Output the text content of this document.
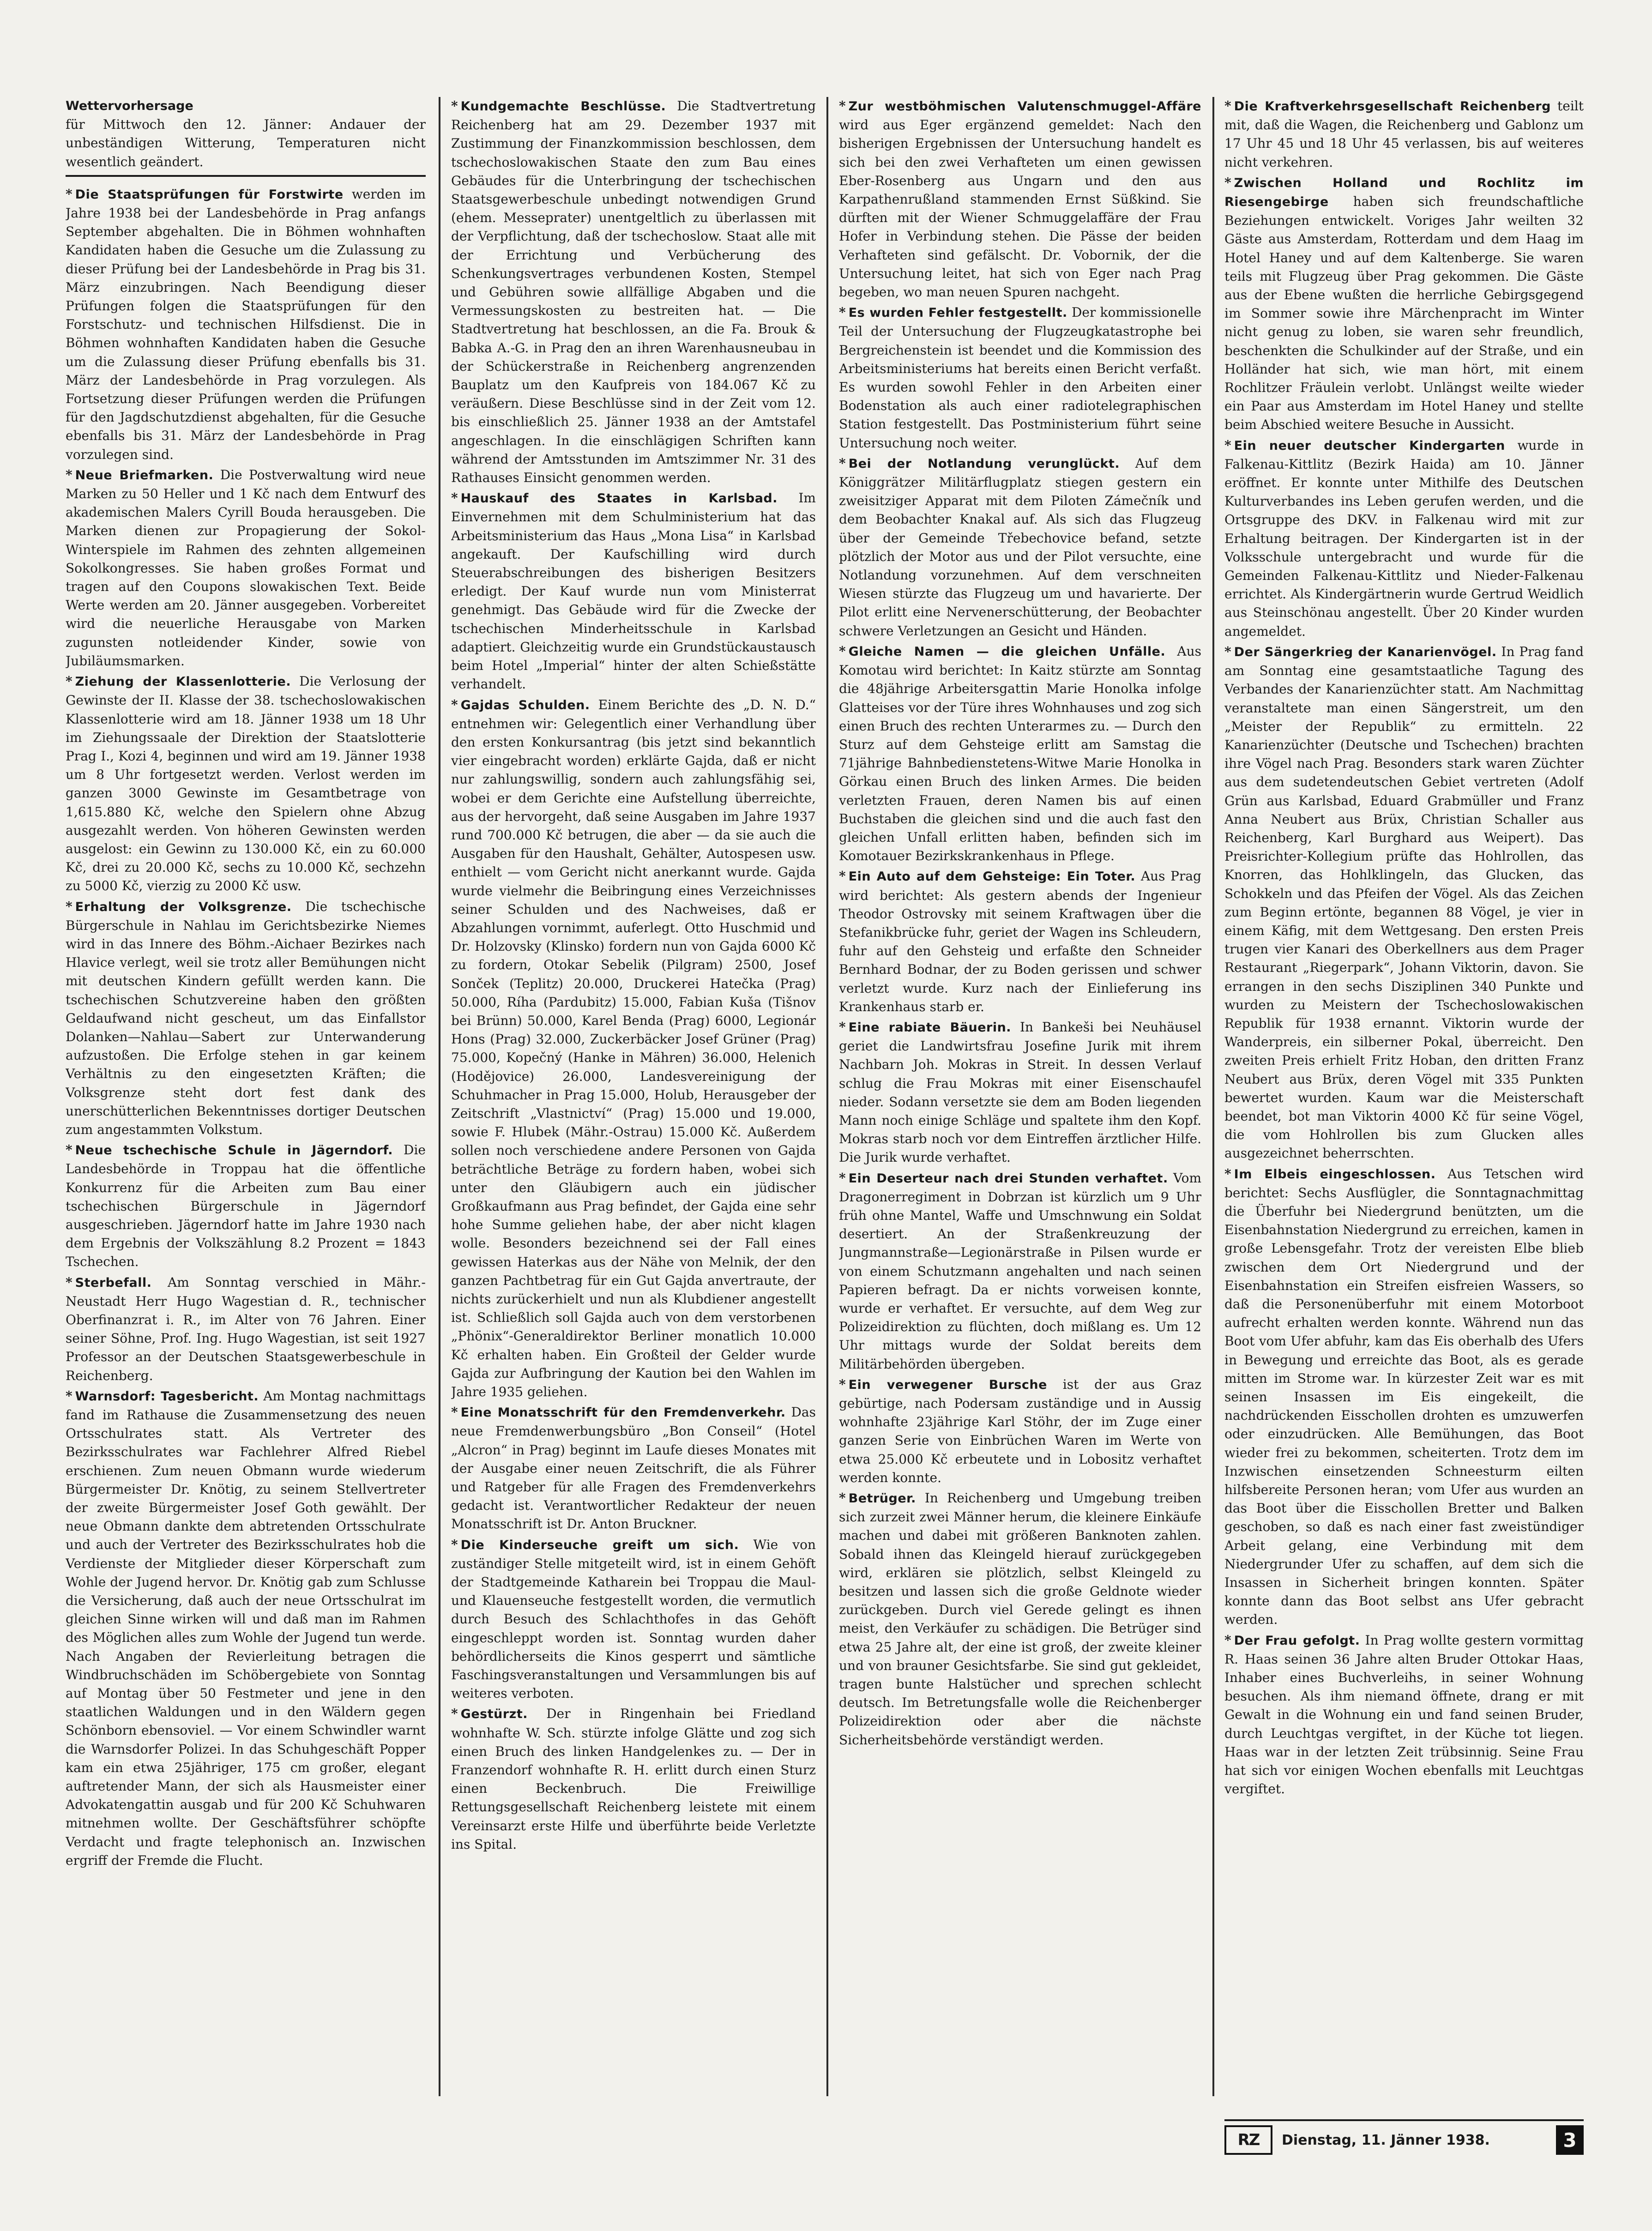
Wettervorhersage
für Mittwoch den 12. Jänner: Andauer der unbeständigen Witterung, Temperaturen nicht wesentlich geändert.

* Die Staatsprüfungen für Forstwirte werden im Jahre 1938 bei der Landesbehörde in Prag anfangs September abgehalten. Die in Böhmen wohnhaften Kandidaten haben die Gesuche um die Zulassung zu dieser Prüfung bei der Landesbehörde in Prag bis 31. März einzubringen. Nach Beendigung dieser Prüfungen folgen die Staatsprüfungen für den Forstschutz- und technischen Hilfsdienst. Die in Böhmen wohnhaften Kandidaten haben die Gesuche um die Zulassung dieser Prüfung ebenfalls bis 31. März der Landesbehörde in Prag vorzulegen. Als Fortsetzung dieser Prüfungen werden die Prüfungen für den Jagdschutzdienst abgehalten, für die Gesuche ebenfalls bis 31. März der Landesbehörde in Prag vorzulegen sind.

* Neue Briefmarken. Die Postverwaltung wird neue Marken zu 50 Heller und 1 Kč nach dem Entwurf des akademischen Malers Cyrill Bouda herausgeben. Die Marken dienen zur Propagierung der Sokol-Winterspiele im Rahmen des zehnten allgemeinen Sokolkongresses. Sie haben großes Format und tragen auf den Coupons slowakischen Text. Beide Werte werden am 20. Jänner ausgegeben. Vorbereitet wird die neuerliche Herausgabe von Marken zugunsten notleidender Kinder, sowie von Jubiläumsmarken.

* Ziehung der Klassenlotterie. Die Verlosung der Gewinste der II. Klasse der 38. tschechoslowakischen Klassenlotterie wird am 18. Jänner 1938 um 18 Uhr im Ziehungssaale der Direktion der Staatslotterie Prag I., Kozi 4, beginnen und wird am 19. Jänner 1938 um 8 Uhr fortgesetzt werden. Verlost werden im ganzen 3000 Gewinste im Gesamtbetrage von 1,615.880 Kč, welche den Spielern ohne Abzug ausgezahlt werden. Von höheren Gewinsten werden ausgelost: ein Gewinn zu 130.000 Kč, ein zu 60.000 Kč, drei zu 20.000 Kč, sechs zu 10.000 Kč, sechzehn zu 5000 Kč, vierzig zu 2000 Kč usw.

* Erhaltung der Volksgrenze. Die tschechische Bürgerschule in Nahlau im Gerichtsbezirke Niemes wird in das Innere des Böhm.-Aichaer Bezirkes nach Hlavice verlegt, weil sie trotz aller Bemühungen nicht mit deutschen Kindern gefüllt werden kann. Die tschechischen Schutzvereine haben den größten Geldaufwand nicht gescheut, um das Einfallstor Dolanken—Nahlau—Sabert zur Unterwanderung aufzustoßen. Die Erfolge stehen in gar keinem Verhältnis zu den eingesetzten Kräften; die Volksgrenze steht dort fest dank des unerschütterlichen Bekenntnisses dortiger Deutschen zum angestammten Volkstum.

* Neue tschechische Schule in Jägerndorf. Die Landesbehörde in Troppau hat die öffentliche Konkurrenz für die Arbeiten zum Bau einer tschechischen Bürgerschule in Jägerndorf ausgeschrieben. Jägerndorf hatte im Jahre 1930 nach dem Ergebnis der Volkszählung 8.2 Prozent = 1843 Tschechen.

* Sterbefall. Am Sonntag verschied in Mähr.-Neustadt Herr Hugo Wagestian d. R., technischer Oberfinanzrat i. R., im Alter von 76 Jahren. Einer seiner Söhne, Prof. Ing. Hugo Wagestian, ist seit 1927 Professor an der Deutschen Staatsgewerbeschule in Reichenberg.

* Warnsdorf: Tagesbericht. Am Montag nachmittags fand im Rathause die Zusammensetzung des neuen Ortsschulrates statt. Als Vertreter des Bezirksschulrates war Fachlehrer Alfred Riebel erschienen. Zum neuen Obmann wurde wiederum Bürgermeister Dr. Knötig, zu seinem Stellvertreter der zweite Bürgermeister Josef Goth gewählt. Der neue Obmann dankte dem abtretenden Ortsschulrate und auch der Vertreter des Bezirksschulrates hob die Verdienste der Mitglieder dieser Körperschaft zum Wohle der Jugend hervor. Dr. Knötig gab zum Schlusse die Versicherung, daß auch der neue Ortsschulrat im gleichen Sinne wirken will und daß man im Rahmen des Möglichen alles zum Wohle der Jugend tun werde. Nach Angaben der Revierleitung betragen die Windbruchschäden im Schöbergebiete von Sonntag auf Montag über 50 Festmeter und jene in den staatlichen Waldungen und in den Wäldern gegen Schönborn ebensoviel. — Vor einem Schwindler warnt die Warnsdorfer Polizei. In das Schuhgeschäft Popper kam ein etwa 25jähriger, 175 cm großer, elegant auftretender Mann, der sich als Hausmeister einer Advokatengattin ausgab und für 200 Kč Schuhwaren mitnehmen wollte. Der Geschäftsführer schöpfte Verdacht und fragte telephonisch an. Inzwischen ergriff der Fremde die Flucht.

* Kundgemachte Beschlüsse. Die Stadtvertretung Reichenberg hat am 29. Dezember 1937 mit Zustimmung der Finanzkommission beschlossen, dem tschechoslowakischen Staate den zum Bau eines Gebäudes für die Unterbringung der tschechischen Staatsgewerbeschule unbedingt notwendigen Grund (ehem. Messeprater) unentgeltlich zu überlassen mit der Verpflichtung, daß der tschechoslow. Staat alle mit der Errichtung und Verbücherung des Schenkungsvertrages verbundenen Kosten, Stempel und Gebühren sowie allfällige Abgaben und die Vermessungskosten zu bestreiten hat. — Die Stadtvertretung hat beschlossen, an die Fa. Brouk & Babka A.-G. in Prag den an ihren Warenhausneubau in der Schückerstraße in Reichenberg angrenzenden Bauplatz um den Kaufpreis von 184.067 Kč zu veräußern. Diese Beschlüsse sind in der Zeit vom 12. bis einschließlich 25. Jänner 1938 an der Amtstafel angeschlagen. In die einschlägigen Schriften kann während der Amtsstunden im Amtszimmer Nr. 31 des Rathauses Einsicht genommen werden.

* Hauskauf des Staates in Karlsbad. Im Einvernehmen mit dem Schulministerium hat das Arbeitsministerium das Haus „Mona Lisa“ in Karlsbad angekauft. Der Kaufschilling wird durch Steuerabschreibungen des bisherigen Besitzers erledigt. Der Kauf wurde nun vom Ministerrat genehmigt. Das Gebäude wird für die Zwecke der tschechischen Minderheitsschule in Karlsbad adaptiert. Gleichzeitig wurde ein Grundstückaustausch beim Hotel „Imperial“ hinter der alten Schießstätte verhandelt.

* Gajdas Schulden. Einem Berichte des „D. N. D.“ entnehmen wir: Gelegentlich einer Verhandlung über den ersten Konkursantrag (bis jetzt sind bekanntlich vier eingebracht worden) erklärte Gajda, daß er nicht nur zahlungswillig, sondern auch zahlungsfähig sei, wobei er dem Gerichte eine Aufstellung überreichte, aus der hervorgeht, daß seine Ausgaben im Jahre 1937 rund 700.000 Kč betrugen, die aber — da sie auch die Ausgaben für den Haushalt, Gehälter, Autospesen usw. enthielt — vom Gericht nicht anerkannt wurde. Gajda wurde vielmehr die Beibringung eines Verzeichnisses seiner Schulden und des Nachweises, daß er Abzahlungen vornimmt, auferlegt. Otto Huschmid und Dr. Holzovsky (Klinsko) fordern nun von Gajda 6000 Kč zu fordern, Otokar Sebelik (Pilgram) 2500, Josef Sonček (Teplitz) 20.000, Druckerei Hatečka (Prag) 50.000, Ríha (Pardubitz) 15.000, Fabian Kuša (Tišnov bei Brünn) 50.000, Karel Benda (Prag) 6000, Legionár Hons (Prag) 32.000, Zuckerbäcker Josef Grüner (Prag) 75.000, Kopečný (Hanke in Mähren) 36.000, Helenich (Hodějovice) 26.000, Landesvereinigung der Schuhmacher in Prag 15.000, Holub, Herausgeber der Zeitschrift „Vlastnictví“ (Prag) 15.000 und 19.000, sowie F. Hlubek (Mähr.-Ostrau) 15.000 Kč. Außerdem sollen noch verschiedene andere Personen von Gajda beträchtliche Beträge zu fordern haben, wobei sich unter den Gläubigern auch ein jüdischer Großkaufmann aus Prag befindet, der Gajda eine sehr hohe Summe geliehen habe, der aber nicht klagen wolle. Besonders bezeichnend sei der Fall eines gewissen Haterkas aus der Nähe von Melnik, der den ganzen Pachtbetrag für ein Gut Gajda anvertraute, der nichts zurückerhielt und nun als Klubdiener angestellt ist. Schließlich soll Gajda auch von dem verstorbenen „Phönix“-Generaldirektor Berliner monatlich 10.000 Kč erhalten haben. Ein Großteil der Gelder wurde Gajda zur Aufbringung der Kaution bei den Wahlen im Jahre 1935 geliehen.

* Eine Monatsschrift für den Fremdenverkehr. Das neue Fremdenwerbungsbüro „Bon Conseil“ (Hotel „Alcron“ in Prag) beginnt im Laufe dieses Monates mit der Ausgabe einer neuen Zeitschrift, die als Führer und Ratgeber für alle Fragen des Fremdenverkehrs gedacht ist. Verantwortlicher Redakteur der neuen Monatsschrift ist Dr. Anton Bruckner.

* Die Kinderseuche greift um sich. Wie von zuständiger Stelle mitgeteilt wird, ist in einem Gehöft der Stadtgemeinde Katharein bei Troppau die Maul- und Klauenseuche festgestellt worden, die vermutlich durch Besuch des Schlachthofes in das Gehöft eingeschleppt worden ist. Sonntag wurden daher behördlicherseits die Kinos gesperrt und sämtliche Faschingsveranstaltungen und Versammlungen bis auf weiteres verboten.

* Gestürzt. Der in Ringenhain bei Friedland wohnhafte W. Sch. stürzte infolge Glätte und zog sich einen Bruch des linken Handgelenkes zu. — Der in Franzendorf wohnhafte R. H. erlitt durch einen Sturz einen Beckenbruch. Die Freiwillige Rettungsgesellschaft Reichenberg leistete mit einem Vereinsarzt erste Hilfe und überführte beide Verletzte ins Spital.

* Zur westböhmischen Valutenschmuggel-Affäre wird aus Eger ergänzend gemeldet: Nach den bisherigen Ergebnissen der Untersuchung handelt es sich bei den zwei Verhafteten um einen gewissen Eber-Rosenberg aus Ungarn und den aus Karpathenrußland stammenden Ernst Süßkind. Sie dürften mit der Wiener Schmuggelaffäre der Frau Hofer in Verbindung stehen. Die Pässe der beiden Verhafteten sind gefälscht. Dr. Vobornik, der die Untersuchung leitet, hat sich von Eger nach Prag begeben, wo man neuen Spuren nachgeht.

* Es wurden Fehler festgestellt. Der kommissionelle Teil der Untersuchung der Flugzeugkatastrophe bei Bergreichenstein ist beendet und die Kommission des Arbeitsministeriums hat bereits einen Bericht verfaßt. Es wurden sowohl Fehler in den Arbeiten einer Bodenstation als auch einer radiotelegraphischen Station festgestellt. Das Postministerium führt seine Untersuchung noch weiter.

* Bei der Notlandung verunglückt. Auf dem Königgrätzer Militärflugplatz stiegen gestern ein zweisitziger Apparat mit dem Piloten Zámečník und dem Beobachter Knakal auf. Als sich das Flugzeug über der Gemeinde Třebechovice befand, setzte plötzlich der Motor aus und der Pilot versuchte, eine Notlandung vorzunehmen. Auf dem verschneiten Wiesen stürzte das Flugzeug um und havarierte. Der Pilot erlitt eine Nervenerschütterung, der Beobachter schwere Verletzungen an Gesicht und Händen.

* Gleiche Namen — die gleichen Unfälle. Aus Komotau wird berichtet: In Kaitz stürzte am Sonntag die 48jährige Arbeitersgattin Marie Honolka infolge Glatteises vor der Türe ihres Wohnhauses und zog sich einen Bruch des rechten Unterarmes zu. — Durch den Sturz auf dem Gehsteige erlitt am Samstag die 71jährige Bahnbedienstetens-Witwe Marie Honolka in Görkau einen Bruch des linken Armes. Die beiden verletzten Frauen, deren Namen bis auf einen Buchstaben die gleichen sind und die auch fast den gleichen Unfall erlitten haben, befinden sich im Komotauer Bezirkskrankenhaus in Pflege.

* Ein Auto auf dem Gehsteige: Ein Toter. Aus Prag wird berichtet: Als gestern abends der Ingenieur Theodor Ostrovsky mit seinem Kraftwagen über die Stefanikbrücke fuhr, geriet der Wagen ins Schleudern, fuhr auf den Gehsteig und erfaßte den Schneider Bernhard Bodnar, der zu Boden gerissen und schwer verletzt wurde. Kurz nach der Einlieferung ins Krankenhaus starb er.

* Eine rabiate Bäuerin. In Bankeši bei Neuhäusel geriet die Landwirtsfrau Josefine Jurik mit ihrem Nachbarn Joh. Mokras in Streit. In dessen Verlauf schlug die Frau Mokras mit einer Eisenschaufel nieder. Sodann versetzte sie dem am Boden liegenden Mann noch einige Schläge und spaltete ihm den Kopf. Mokras starb noch vor dem Eintreffen ärztlicher Hilfe. Die Jurik wurde verhaftet.

* Ein Deserteur nach drei Stunden verhaftet. Vom Dragonerregiment in Dobrzan ist kürzlich um 9 Uhr früh ohne Mantel, Waffe und Umschnwung ein Soldat desertiert. An der Straßenkreuzung der Jungmannstraße—Legionärstraße in Pilsen wurde er von einem Schutzmann angehalten und nach seinen Papieren befragt. Da er nichts vorweisen konnte, wurde er verhaftet. Er versuchte, auf dem Weg zur Polizeidirektion zu flüchten, doch mißlang es. Um 12 Uhr mittags wurde der Soldat bereits dem Militärbehörden übergeben.

* Ein verwegener Bursche ist der aus Graz gebürtige, nach Podersam zuständige und in Aussig wohnhafte 23jährige Karl Stöhr, der im Zuge einer ganzen Serie von Einbrüchen Waren im Werte von etwa 25.000 Kč erbeutete und in Lobositz verhaftet werden konnte.

* Betrüger. In Reichenberg und Umgebung treiben sich zurzeit zwei Männer herum, die kleinere Einkäufe machen und dabei mit größeren Banknoten zahlen. Sobald ihnen das Kleingeld hierauf zurückgegeben wird, erklären sie plötzlich, selbst Kleingeld zu besitzen und lassen sich die große Geldnote wieder zurückgeben. Durch viel Gerede gelingt es ihnen meist, den Verkäufer zu schädigen. Die Betrüger sind etwa 25 Jahre alt, der eine ist groß, der zweite kleiner und von brauner Gesichtsfarbe. Sie sind gut gekleidet, tragen bunte Halstücher und sprechen schlecht deutsch. Im Betretungsfalle wolle die Reichenberger Polizeidirektion oder aber die nächste Sicherheitsbehörde verständigt werden.

* Die Kraftverkehrsgesellschaft Reichenberg teilt mit, daß die Wagen, die Reichenberg und Gablonz um 17 Uhr 45 und 18 Uhr 45 verlassen, bis auf weiteres nicht verkehren.

* Zwischen Holland und Rochlitz im Riesengebirge haben sich freundschaftliche Beziehungen entwickelt. Voriges Jahr weilten 32 Gäste aus Amsterdam, Rotterdam und dem Haag im Hotel Haney und auf dem Kaltenberge. Sie waren teils mit Flugzeug über Prag gekommen. Die Gäste aus der Ebene wußten die herrliche Gebirgsgegend im Sommer sowie ihre Märchenpracht im Winter nicht genug zu loben, sie waren sehr freundlich, beschenkten die Schulkinder auf der Straße, und ein Holländer hat sich, wie man hört, mit einem Rochlitzer Fräulein verlobt. Unlängst weilte wieder ein Paar aus Amsterdam im Hotel Haney und stellte beim Abschied weitere Besuche in Aussicht.

* Ein neuer deutscher Kindergarten wurde in Falkenau-Kittlitz (Bezirk Haida) am 10. Jänner eröffnet. Er konnte unter Mithilfe des Deutschen Kulturverbandes ins Leben gerufen werden, und die Ortsgruppe des DKV. in Falkenau wird mit zur Erhaltung beitragen. Der Kindergarten ist in der Volksschule untergebracht und wurde für die Gemeinden Falkenau-Kittlitz und Nieder-Falkenau errichtet. Als Kindergärtnerin wurde Gertrud Weidlich aus Steinschönau angestellt. Über 20 Kinder wurden angemeldet.

* Der Sängerkrieg der Kanarienvögel. In Prag fand am Sonntag eine gesamtstaatliche Tagung des Verbandes der Kanarienzüchter statt. Am Nachmittag veranstaltete man einen Sängerstreit, um den „Meister der Republik“ zu ermitteln. 22 Kanarienzüchter (Deutsche und Tschechen) brachten ihre Vögel nach Prag. Besonders stark waren Züchter aus dem sudetendeutschen Gebiet vertreten (Adolf Grün aus Karlsbad, Eduard Grabmüller und Franz Anna Neubert aus Brüx, Christian Schaller aus Reichenberg, Karl Burghard aus Weipert). Das Preisrichter-Kollegium prüfte das Hohlrollen, das Knorren, das Hohlklingeln, das Glucken, das Schokkeln und das Pfeifen der Vögel. Als das Zeichen zum Beginn ertönte, begannen 88 Vögel, je vier in einem Käfig, mit dem Wettgesang. Den ersten Preis trugen vier Kanari des Oberkellners aus dem Prager Restaurant „Riegerpark“, Johann Viktorin, davon. Sie errangen in den sechs Disziplinen 340 Punkte und wurden zu Meistern der Tschechoslowakischen Republik für 1938 ernannt. Viktorin wurde der Wanderpreis, ein silberner Pokal, überreicht. Den zweiten Preis erhielt Fritz Hoban, den dritten Franz Neubert aus Brüx, deren Vögel mit 335 Punkten bewertet wurden. Kaum war die Meisterschaft beendet, bot man Viktorin 4000 Kč für seine Vögel, die vom Hohlrollen bis zum Glucken alles ausgezeichnet beherrschten.

* Im Elbeis eingeschlossen. Aus Tetschen wird berichtet: Sechs Ausflügler, die Sonntagnachmittag die Überfuhr bei Niedergrund benützten, um die Eisenbahnstation Niedergrund zu erreichen, kamen in große Lebensgefahr. Trotz der vereisten Elbe blieb zwischen dem Ort Niedergrund und der Eisenbahnstation ein Streifen eisfreien Wassers, so daß die Personenüberfuhr mit einem Motorboot aufrecht erhalten werden konnte. Während nun das Boot vom Ufer abfuhr, kam das Eis oberhalb des Ufers in Bewegung und erreichte das Boot, als es gerade mitten im Strome war. In kürzester Zeit war es mit seinen Insassen im Eis eingekeilt, die nachdrückenden Eisschollen drohten es umzuwerfen oder einzudrücken. Alle Bemühungen, das Boot wieder frei zu bekommen, scheiterten. Trotz dem im Inzwischen einsetzenden Schneesturm eilten hilfsbereite Personen heran; vom Ufer aus wurden an das Boot über die Eisschollen Bretter und Balken geschoben, so daß es nach einer fast zweistündiger Arbeit gelang, eine Verbindung mit dem Niedergrunder Ufer zu schaffen, auf dem sich die Insassen in Sicherheit bringen konnten. Später konnte dann das Boot selbst ans Ufer gebracht werden.

* Der Frau gefolgt. In Prag wollte gestern vormittag R. Haas seinen 36 Jahre alten Bruder Ottokar Haas, Inhaber eines Buchverleihs, in seiner Wohnung besuchen. Als ihm niemand öffnete, drang er mit Gewalt in die Wohnung ein und fand seinen Bruder, durch Leuchtgas vergiftet, in der Küche tot liegen. Haas war in der letzten Zeit trübsinnig. Seine Frau hat sich vor einigen Wochen ebenfalls mit Leuchtgas vergiftet.

RZ	Dienstag, 11. Jänner 1938.	3
